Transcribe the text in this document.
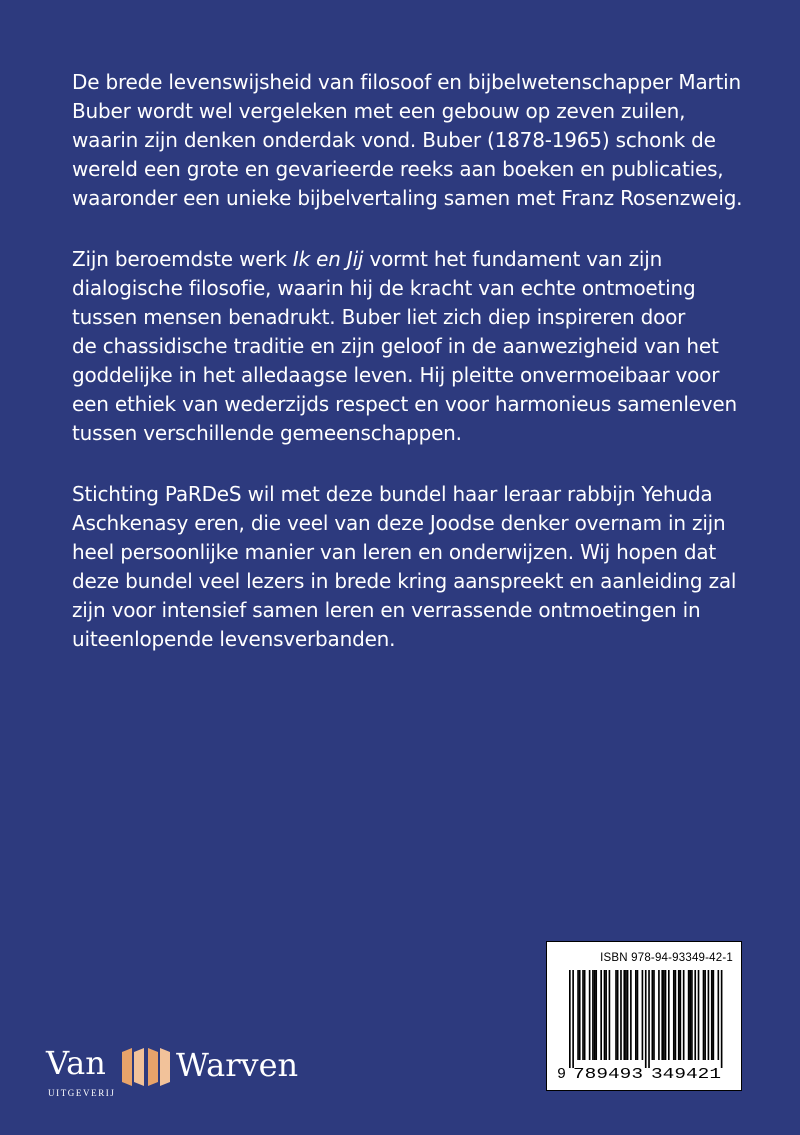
De brede levenswijsheid van filosoof en bijbelwetenschapper Martin
Buber wordt wel vergeleken met een gebouw op zeven zuilen,
waarin zijn denken onderdak vond. Buber (1878-1965) schonk de
wereld een grote en gevarieerde reeks aan boeken en publicaties,
waaronder een unieke bijbelvertaling samen met Franz Rosenzweig.

Zijn beroemdste werk Ik en Jij vormt het fundament van zijn
dialogische filosofie, waarin hij de kracht van echte ontmoeting
tussen mensen benadrukt. Buber liet zich diep inspireren door
de chassidische traditie en zijn geloof in de aanwezigheid van het
goddelijke in het alledaagse leven. Hij pleitte onvermoeibaar voor
een ethiek van wederzijds respect en voor harmonieus samenleven
tussen verschillende gemeenschappen.

Stichting PaRDeS wil met deze bundel haar leraar rabbijn Yehuda
Aschkenasy eren, die veel van deze Joodse denker overnam in zijn
heel persoonlijke manier van leren en onderwijzen. Wij hopen dat
deze bundel veel lezers in brede kring aanspreekt en aanleiding zal
zijn voor intensief samen leren en verrassende ontmoetingen in
uiteenlopende levensverbanden.

ISBN 978-94-93349-42-1
9 789493 349421
Van Warven
UITGEVERIJ
